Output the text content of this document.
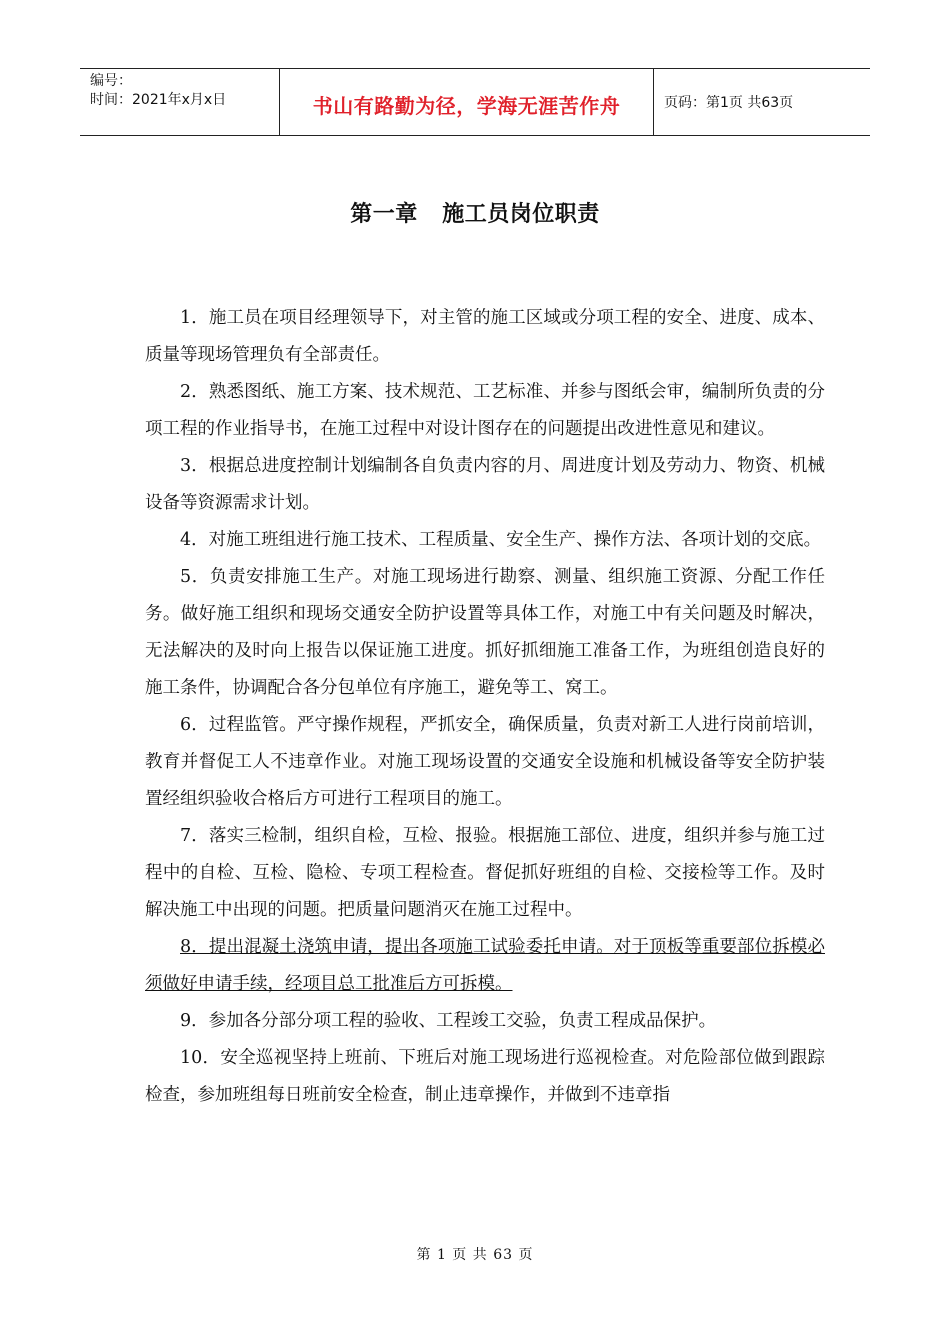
编号：
时间：2021年x月x日	书山有路勤为径，学海无涯苦作舟	页码：第1页 共63页
第一章   施工员岗位职责

1．施工员在项目经理领导下，对主管的施工区域或分项工程的安全、进度、成本、质量等现场管理负有全部责任。

2．熟悉图纸、施工方案、技术规范、工艺标准、并参与图纸会审，编制所负责的分项工程的作业指导书，在施工过程中对设计图存在的问题提出改进性意见和建议。

3．根据总进度控制计划编制各自负责内容的月、周进度计划及劳动力、物资、机械设备等资源需求计划。

4．对施工班组进行施工技术、工程质量、安全生产、操作方法、各项计划的交底。

5．负责安排施工生产。对施工现场进行勘察、测量、组织施工资源、分配工作任务。做好施工组织和现场交通安全防护设置等具体工作，对施工中有关问题及时解决，无法解决的及时向上报告以保证施工进度。抓好抓细施工准备工作，为班组创造良好的施工条件，协调配合各分包单位有序施工，避免等工、窝工。

6．过程监管。严守操作规程，严抓安全，确保质量，负责对新工人进行岗前培训，教育并督促工人不违章作业。对施工现场设置的交通安全设施和机械设备等安全防护装置经组织验收合格后方可进行工程项目的施工。

7．落实三检制，组织自检，互检、报验。根据施工部位、进度，组织并参与施工过程中的自检、互检、隐检、专项工程检查。督促抓好班组的自检、交接检等工作。及时解决施工中出现的问题。把质量问题消灭在施工过程中。

8．提出混凝土浇筑申请，提出各项施工试验委托申请。对于顶板等重要部位拆模必须做好申请手续，经项目总工批准后方可拆模。

9．参加各分部分项工程的验收、工程竣工交验，负责工程成品保护。

10．安全巡视坚持上班前、下班后对施工现场进行巡视检查。对危险部位做到跟踪检查，参加班组每日班前安全检查，制止违章操作，并做到不违章指

第 1 页 共 63 页
